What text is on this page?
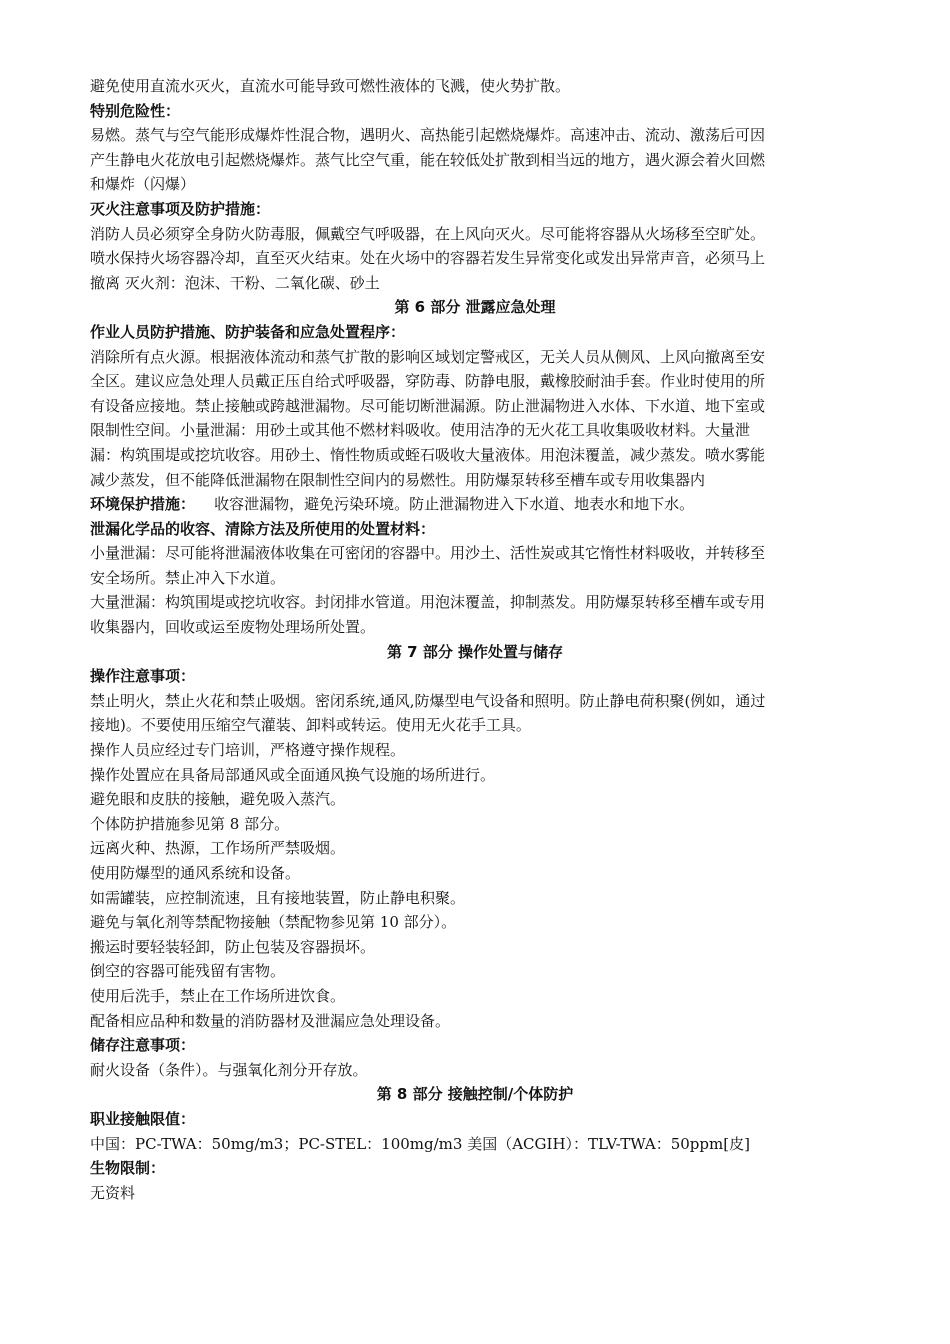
避免使用直流水灭火，直流水可能导致可燃性液体的飞溅，使火势扩散。
特别危险性：
易燃。蒸气与空气能形成爆炸性混合物，遇明火、高热能引起燃烧爆炸。高速冲击、流动、激荡后可因
产生静电火花放电引起燃烧爆炸。蒸气比空气重，能在较低处扩散到相当远的地方，遇火源会着火回燃
和爆炸（闪爆）
灭火注意事项及防护措施：
消防人员必须穿全身防火防毒服，佩戴空气呼吸器，在上风向灭火。尽可能将容器从火场移至空旷处。
喷水保持火场容器冷却，直至灭火结束。处在火场中的容器若发生异常变化或发出异常声音，必须马上
撤离 灭火剂：泡沫、干粉、二氧化碳、砂土
第 6 部分 泄露应急处理
作业人员防护措施、防护装备和应急处置程序：
消除所有点火源。根据液体流动和蒸气扩散的影响区域划定警戒区，无关人员从侧风、上风向撤离至安
全区。建议应急处理人员戴正压自给式呼吸器，穿防毒、防静电服，戴橡胶耐油手套。作业时使用的所
有设备应接地。禁止接触或跨越泄漏物。尽可能切断泄漏源。防止泄漏物进入水体、下水道、地下室或
限制性空间。小量泄漏：用砂土或其他不燃材料吸收。使用洁净的无火花工具收集吸收材料。大量泄
漏：构筑围堤或挖坑收容。用砂土、惰性物质或蛭石吸收大量液体。用泡沫覆盖，减少蒸发。喷水雾能
减少蒸发，但不能降低泄漏物在限制性空间内的易燃性。用防爆泵转移至槽车或专用收集器内
环境保护措施：    收容泄漏物，避免污染环境。防止泄漏物进入下水道、地表水和地下水。
泄漏化学品的收容、清除方法及所使用的处置材料：
小量泄漏：尽可能将泄漏液体收集在可密闭的容器中。用沙土、活性炭或其它惰性材料吸收，并转移至
安全场所。禁止冲入下水道。
大量泄漏：构筑围堤或挖坑收容。封闭排水管道。用泡沫覆盖，抑制蒸发。用防爆泵转移至槽车或专用
收集器内，回收或运至废物处理场所处置。
第 7 部分 操作处置与储存
操作注意事项：
禁止明火，禁止火花和禁止吸烟。密闭系统,通风,防爆型电气设备和照明。防止静电荷积聚(例如，通过
接地)。不要使用压缩空气灌装、卸料或转运。使用无火花手工具。
操作人员应经过专门培训，严格遵守操作规程。
操作处置应在具备局部通风或全面通风换气设施的场所进行。
避免眼和皮肤的接触，避免吸入蒸汽。
个体防护措施参见第 8 部分。
远离火种、热源，工作场所严禁吸烟。
使用防爆型的通风系统和设备。
如需罐装，应控制流速，且有接地装置，防止静电积聚。
避免与氧化剂等禁配物接触（禁配物参见第 10 部分）。
搬运时要轻装轻卸，防止包装及容器损坏。
倒空的容器可能残留有害物。
使用后洗手，禁止在工作场所进饮食。
配备相应品种和数量的消防器材及泄漏应急处理设备。
储存注意事项：
耐火设备（条件）。与强氧化剂分开存放。
第 8 部分 接触控制/个体防护
职业接触限值：
中国：PC-TWA：50mg/m3；PC-STEL：100mg/m3 美国（ACGIH）：TLV-TWA：50ppm[皮]
生物限制：
无资料
